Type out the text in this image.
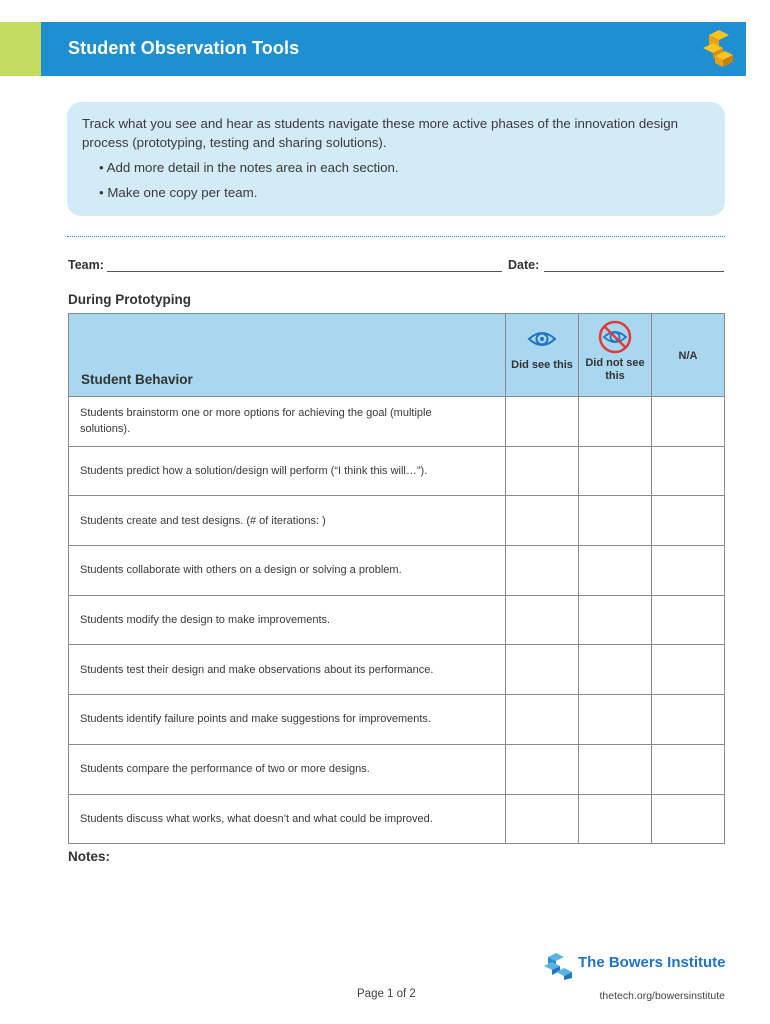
Student Observation Tools

Track what you see and hear as students navigate these more active phases of the innovation design process (prototyping, testing and sharing solutions).

• Add more detail in the notes area in each section.

• Make one copy per team.

Team:	Date:
During Prototyping
Student Behavior	Did see this	Did not see this	N/A

Students brainstorm one or more options for achieving the goal (multiple solutions).			
Students predict how a solution/design will perform (“I think this will…”).			
Students create and test designs. (# of iterations: )			
Students collaborate with others on a design or solving a problem.			
Students modify the design to make improvements.			
Students test their design and make observations about its performance.			
Students identify failure points and make suggestions for improvements.			
Students compare the performance of two or more designs.			
Students discuss what works, what doesn’t and what could be improved.			
Notes:
The Bowers Institute
Page 1 of 2	thetech.org/bowersinstitute
